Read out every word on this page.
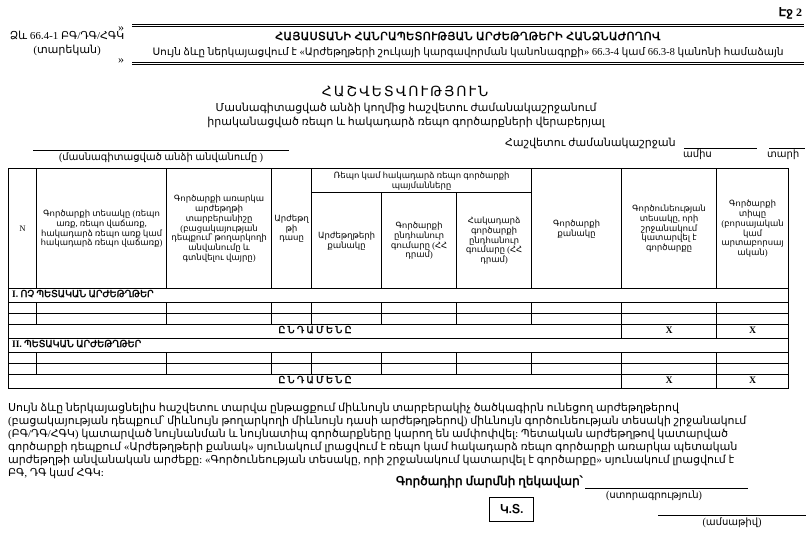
Էջ 2
Ձև 66.4-1 ԲԳ/ԴԳ/ՀԳԿ
(տարեկան)
»
»
ՀԱՅԱՍՏԱՆԻ ՀԱՆՐԱՊԵՏՈՒԹՅԱՆ ԱՐԺԵԹՂԹԵՐԻ ՀԱՆՁՆԱԺՈՂՈՎ
Սույն ձևը ներկայացվում է «Արժեթղթերի շուկայի կարգավորման կանոնագրքի» 66.3-4 կամ 66.3-8 կանոնի համաձայն
ՀԱՇՎԵՏՎՈՒԹՅՈՒՆ
Մասնագիտացված անձի կողմից հաշվետու ժամանակաշրջանում
իրականացված ռեպո և հակադարձ ռեպո գործարքների վերաբերյալ
(մասնագիտացված անձի անվանումը )
Հաշվետու ժամանակաշրջան
ամիս	տարի
N	Գործարքի տեսակը (ռեպո առք, ռեպո վաճառք, հակադարձ ռեպո առք կամ հակադարձ ռեպո վաճառք)	Գործարքի առարկա արժեթղթի տարբերանիշը (բացակայության դեպքում՝ թողարկողի անվանումը և գտնվելու վայրը)	Արժեթղթի դասը	Ռեպո կամ հակադարձ ռեպո գործարքի պայմանները			Գործարքի քանակը	Գործունեության տեսակը, որի շրջանակում կատարվել է գործարքը	Գործարքի տիպը (բորսայական կամ արտաբորսայական)
				Արժեթղթերի քանակը	Գործարքի ընդհանուր գումարը (ՀՀ դրամ)	Հակադարձ գործարքի ընդհանուր գումարը (ՀՀ դրամ)			
I. ՈՉ ՊԵՏԱԿԱՆ ԱՐԺԵԹՂԹԵՐ									

Ը Ն Դ Ա Մ Ե Ն Ը								X	X
II. ՊԵՏԱԿԱՆ ԱՐԺԵԹՂԹԵՐ									

Ը Ն Դ Ա Մ Ե Ն Ը								X	X
Սույն ձևը ներկայացնելիս հաշվետու տարվա ընթացքում միևնույն տարբերակիչ ծածկագիրն ունեցող արժեթղթերով (բացակայության դեպքում՝ միևնույն թողարկողի միևնույն դասի արժեթղթերով) միևնույն գործունեության տեսակի շրջանակում (ԲԳ/ԴԳ/ՀԳԿ) կատարված նույնանման և նույնատիպ գործարքները կարող են ամփոփվել: Պետական արժեթղթով կատարված գործարքի դեպքում «Արժեթղթերի քանակ» սյունակում լրացվում է ռեպո կամ հակադարձ ռեպո գործարքի առարկա պետական արժեթղթի անվանական արժեքը: «Գործունեության տեսակը, որի շրջանակում կատարվել է գործարքը» սյունակում լրացվում է ԲԳ, ԴԳ կամ ՀԳԿ:
Գործադիր մարմնի ղեկավար՝
(ստորագրություն)
Կ.Տ.
(ամսաթիվ)
